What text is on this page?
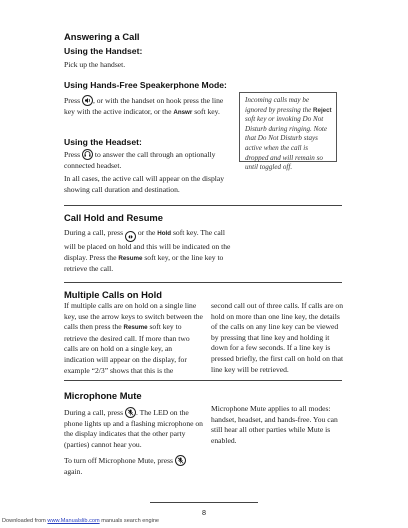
Answering a Call
Using the Handset:
Pick up the handset.
Using Hands-Free Speakerphone Mode:
Press , or with the handset on hook press the line key with the active indicator, or the Answr soft key.
Using the Headset:
Press to answer the call through an optionally connected headset.
In all cases, the active call will appear on the display showing call duration and destination.
Incoming calls may be ignored by pressing the Reject soft key or invoking Do Not Disturb during ringing. Note that Do Not Disturb stays active when the call is dropped and will remain so until toggled off.
Call Hold and Resume
During a call, press ◖◗ or the Hold soft key. The call will be placed on hold and this will be indicated on the display. Press the Resume soft key, or the line key to retrieve the call.
Multiple Calls on Hold
If multiple calls are on hold on a single line key, use the arrow keys to switch between the calls then press the Resume soft key to retrieve the desired call. If more than two calls are on hold on a single key, an indication will appear on the display, for example “2/3” shows that this is the
second call out of three calls. If calls are on hold on more than one line key, the details of the calls on any line key can be viewed by pressing that line key and holding it down for a few seconds. If a line key is pressed briefly, the first call on hold on that line key will be retrieved.
Microphone Mute

During a call, press . The LED on the phone lights up and a flashing microphone on the display indicates that the other party (parties) cannot hear you.

To turn off Microphone Mute, press
again.

Microphone Mute applies to all modes: handset, headset, and hands-free. You can still hear all other parties while Mute is enabled.
8
Downloaded from www.Manualslib.com manuals search engine
